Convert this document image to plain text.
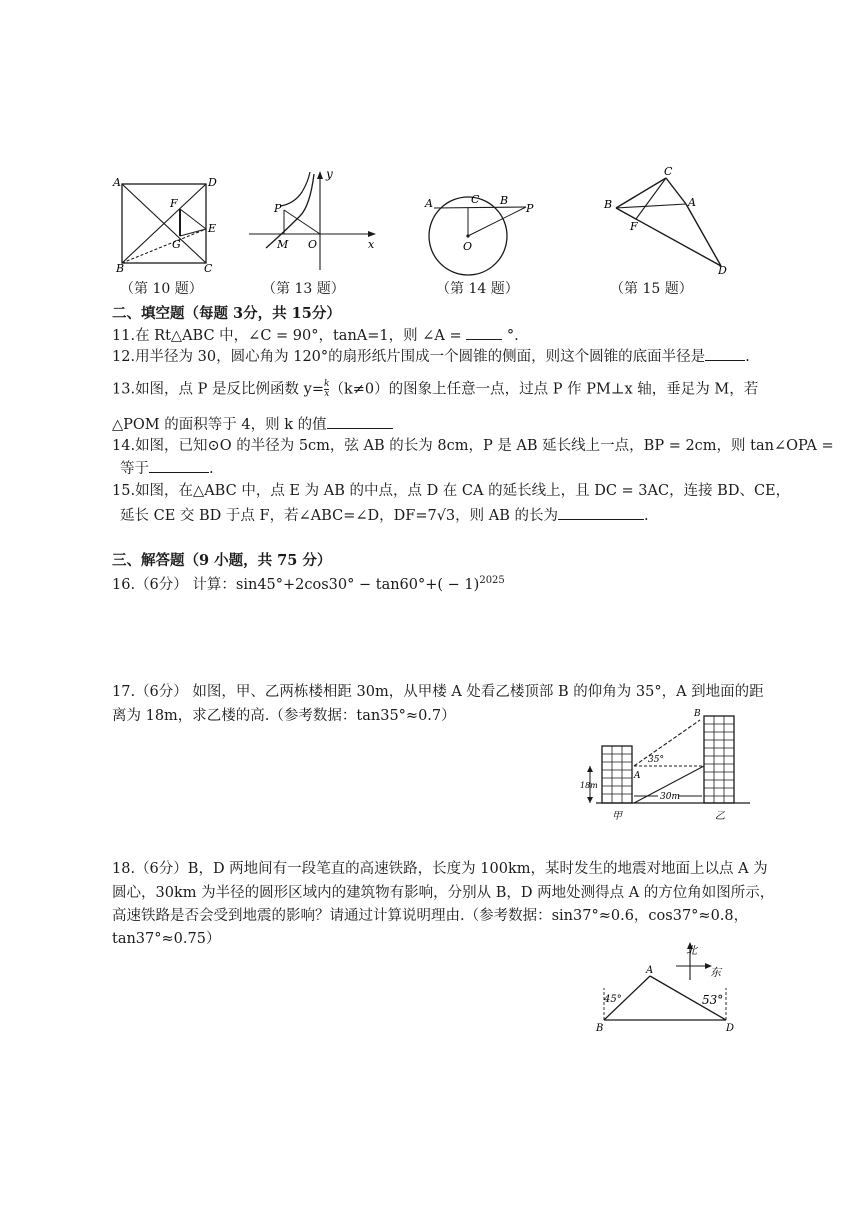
A	D
F
E
G
B	C
（第 10 题）
y
P
M O	x
（第 13 题）
A	C B
P
O
（第 14 题）
C
B	A
F
D
（第 15 题）
二、填空题（每题 3分，共 15分）
11.在 Rt△ABC 中，∠C = 90°，tanA=1，则 ∠A =	°.
12.用半径为 30，圆心角为 120°的扇形纸片围成一个圆锥的侧面，则这个圆锥的底面半径是	.
13.如图，点 P 是反比例函数 $y= \frac{k}{x} (k\ne 0)$的图象上任意一点，过点 P 作 PM⊥x 轴，垂足为 M，若
△POM 的面积等于 4，则 k 的值
14.如图，已知⊙O 的半径为 5cm，弦 AB 的长为 8cm，P 是 AB 延长线上一点，BP = 2cm，则 tan∠OPA =
等于	.
15.如图，在△ABC 中，点 E 为 AB 的中点，点 D 在 CA 的延长线上，且 DC = 3AC，连接 BD、CE，
延长 CE 交 BD 于点 F，若∠ABC=∠D，DF=7√3，则 AB 的长为	.
三、解答题（9 小题，共 75 分）
16.（6分） 计算：$\sin 45^\circ+2\cos 30^\circ - \tan 60^\circ+( - 1)^{2025}$
17.（6分） 如图，甲、乙两栋楼相距 30m，从甲楼 A 处看乙楼顶部 B 的仰角为 35°，A 到地面的距
离为 18m，求乙楼的高.（参考数据：tan35°≈0.7）	B
A
35°
18m
30m
甲	乙
18.（6分）B，D 两地间有一段笔直的高速铁路，长度为 100km，某时发生的地震对地面上以点 A 为
圆心，30km 为半径的圆形区域内的建筑物有影响，分别从 B，D 两地处测得点 A 的方位角如图所示，
高速铁路是否会受到地震的影响？请通过计算说明理由.（参考数据：sin37°≈0.6，cos37°≈0.8，
tan37°≈0.75）
北
东
A
B	D
45°	53°
